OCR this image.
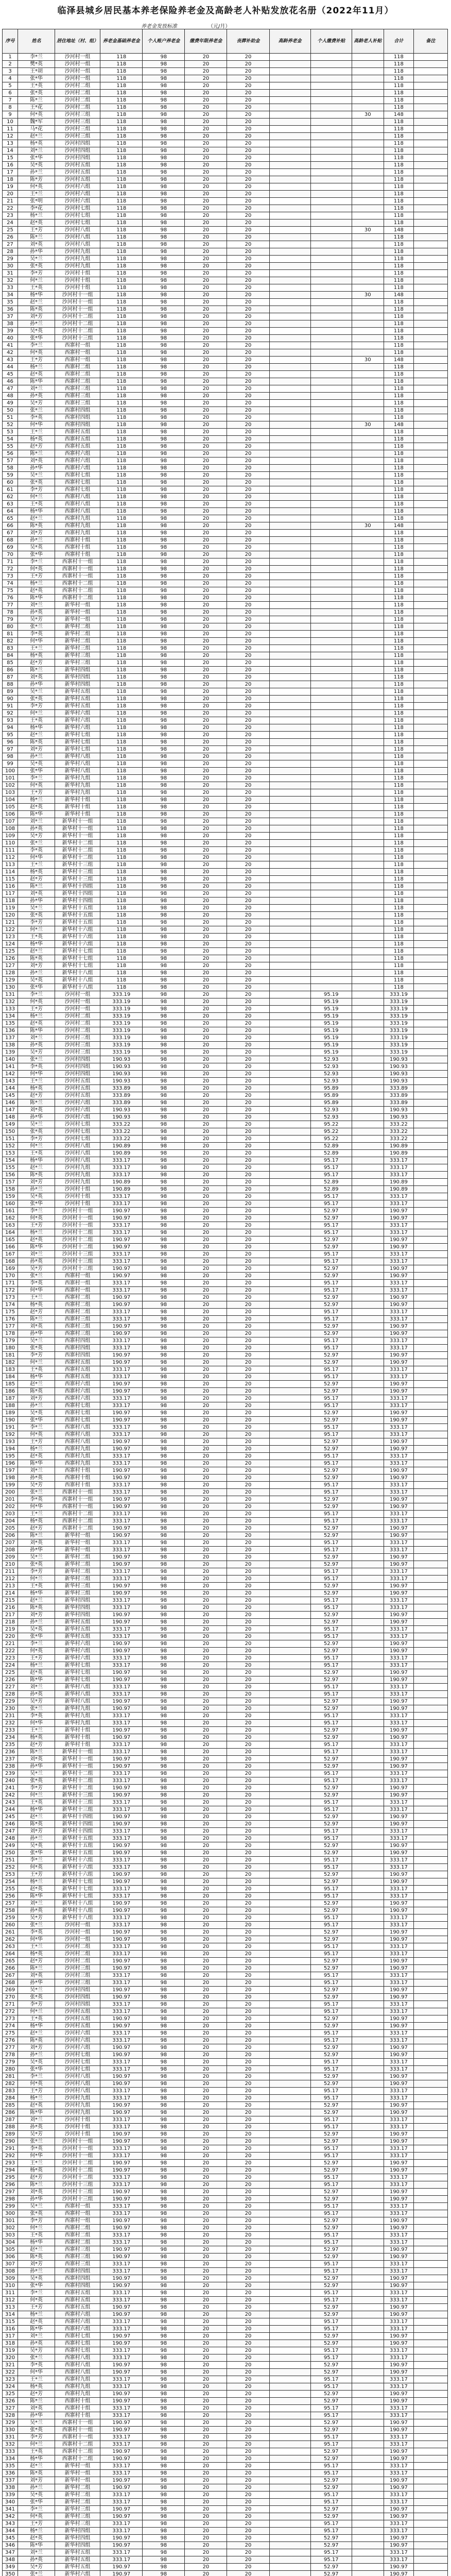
临泽县城乡居民基本养老保险养老金及高龄老人补贴发放花名册（2022年11月）
养老金发放标准	（元/月）
序号	姓名	居住地址（村、组）	养老金基础养老金	个人账户养老金	缴费年限养老金	丧葬补助金	高龄养老金	个人缴费补贴	高龄老人补贴	合计	备注
1	李*兰	沙河村一组	118	98	20	20				118	
2	樊*英	沙河村一组	118	98	20	20				118	
3	王*胡	沙河村一组	118	98	20	20				118	
4	张*华	沙河村一组	118	98	20	20				118	
5	王*英	沙河村二组	118	98	20	20				118	
6	张*英	沙河村二组	118	98	20	20				118	
7	陈*兰	沙河村二组	118	98	20	20				118	
8	王*花	沙河村二组	118	98	20	20				118	
9	何*英	沙河村三组	118	98	20	20			30	148	
10	魏*军	沙河村三组	118	98	20	20				118	
11	马*花	沙河村三组	118	98	20	20				118	
12	赵*兰	沙河村三组	118	98	20	20				118	
13	杨*英	沙河村四组	118	98	20	20				118	
14	刘*兰	沙河村四组	118	98	20	20				118	
15	张*华	沙河村四组	118	98	20	20				118	
16	吴*英	沙河村五组	118	98	20	20				118	
17	孙*兰	沙河村五组	118	98	20	20				118	
18	陈*芳	沙河村五组	118	98	20	20				118	
19	何*英	沙河村六组	118	98	20	20				118	
20	王*兰	沙河村六组	118	98	20	20				118	
21	张*明	沙河村六组	118	98	20	20				118	
22	李*花	沙河村七组	118	98	20	20				118	
23	杨*兰	沙河村七组	118	98	20	20				118	
24	赵*英	沙河村七组	118	98	20	20				118	
25	王*芳	沙河村八组	118	98	20	20			30	148	
26	陈*兰	沙河村八组	118	98	20	20				118	
27	刘*英	沙河村八组	118	98	20	20				118	
28	孙*华	沙河村九组	118	98	20	20				118	
29	吴*兰	沙河村九组	118	98	20	20				118	
30	张*英	沙河村九组	118	98	20	20				118	
31	李*芳	沙河村十组	118	98	20	20				118	
32	何*兰	沙河村十组	118	98	20	20				118	
33	王*英	沙河村十组	118	98	20	20				118	
34	杨*华	沙河村十一组	118	98	20	20			30	148	
35	赵*兰	沙河村十一组	118	98	20	20				118	
36	陈*英	沙河村十一组	118	98	20	20				118	
37	刘*芳	沙河村十二组	118	98	20	20				118	
38	孙*兰	沙河村十二组	118	98	20	20				118	
39	吴*英	沙河村十二组	118	98	20	20				118	
40	张*华	沙河村十三组	118	98	20	20				118	
41	李*兰	西寨村一组	118	98	20	20				118	
42	何*英	西寨村一组	118	98	20	20				118	
43	王*芳	西寨村一组	118	98	20	20			30	148	
44	杨*兰	西寨村二组	118	98	20	20				118	
45	赵*英	西寨村二组	118	98	20	20				118	
46	陈*华	西寨村二组	118	98	20	20				118	
47	刘*兰	西寨村三组	118	98	20	20				118	
48	孙*英	西寨村三组	118	98	20	20				118	
49	吴*芳	西寨村三组	118	98	20	20				118	
50	张*兰	西寨村四组	118	98	20	20				118	
51	李*英	西寨村四组	118	98	20	20				118	
52	何*华	西寨村四组	118	98	20	20			30	148	
53	王*兰	西寨村五组	118	98	20	20				118	
54	杨*英	西寨村五组	118	98	20	20				118	
55	赵*芳	西寨村五组	118	98	20	20				118	
56	陈*兰	西寨村六组	118	98	20	20				118	
57	刘*英	西寨村六组	118	98	20	20				118	
58	孙*华	西寨村六组	118	98	20	20				118	
59	吴*兰	西寨村七组	118	98	20	20				118	
60	张*英	西寨村七组	118	98	20	20				118	
61	李*芳	西寨村七组	118	98	20	20				118	
62	何*兰	西寨村八组	118	98	20	20				118	
63	王*英	西寨村八组	118	98	20	20				118	
64	杨*华	西寨村八组	118	98	20	20				118	
65	赵*兰	西寨村九组	118	98	20	20				118	
66	陈*英	西寨村九组	118	98	20	20			30	148	
67	刘*芳	西寨村九组	118	98	20	20				118	
68	孙*兰	西寨村十组	118	98	20	20				118	
69	吴*英	西寨村十组	118	98	20	20				118	
70	张*华	西寨村十组	118	98	20	20				118	
71	李*兰	西寨村十一组	118	98	20	20				118	
72	何*英	西寨村十一组	118	98	20	20				118	
73	王*芳	西寨村十一组	118	98	20	20				118	
74	杨*兰	西寨村十二组	118	98	20	20				118	
75	赵*英	西寨村十二组	118	98	20	20				118	
76	陈*华	西寨村十二组	118	98	20	20				118	
77	刘*兰	新华村一组	118	98	20	20				118	
78	孙*英	新华村一组	118	98	20	20				118	
79	吴*芳	新华村一组	118	98	20	20				118	
80	张*兰	新华村二组	118	98	20	20				118	
81	李*英	新华村二组	118	98	20	20				118	
82	何*华	新华村二组	118	98	20	20				118	
83	王*兰	新华村三组	118	98	20	20				118	
84	杨*英	新华村三组	118	98	20	20				118	
85	赵*芳	新华村三组	118	98	20	20				118	
86	陈*兰	新华村四组	118	98	20	20				118	
87	刘*英	新华村四组	118	98	20	20				118	
88	孙*华	新华村四组	118	98	20	20				118	
89	吴*兰	新华村五组	118	98	20	20				118	
90	张*英	新华村五组	118	98	20	20				118	
91	李*芳	新华村五组	118	98	20	20				118	
92	何*兰	新华村六组	118	98	20	20				118	
93	王*英	新华村六组	118	98	20	20				118	
94	杨*华	新华村六组	118	98	20	20				118	
95	赵*兰	新华村七组	118	98	20	20				118	
96	陈*英	新华村七组	118	98	20	20				118	
97	刘*芳	新华村七组	118	98	20	20				118	
98	孙*兰	新华村八组	118	98	20	20				118	
99	吴*英	新华村八组	118	98	20	20				118	
100	张*华	新华村八组	118	98	20	20				118	
101	李*兰	新华村九组	118	98	20	20				118	
102	何*英	新华村九组	118	98	20	20				118	
103	王*芳	新华村九组	118	98	20	20				118	
104	杨*兰	新华村十组	118	98	20	20				118	
105	赵*英	新华村十组	118	98	20	20				118	
106	陈*华	新华村十组	118	98	20	20				118	
107	刘*兰	新华村十一组	118	98	20	20				118	
108	孙*英	新华村十一组	118	98	20	20				118	
109	吴*芳	新华村十一组	118	98	20	20				118	
110	张*兰	新华村十二组	118	98	20	20				118	
111	李*英	新华村十二组	118	98	20	20				118	
112	何*华	新华村十二组	118	98	20	20				118	
113	王*兰	新华村十三组	118	98	20	20				118	
114	杨*英	新华村十三组	118	98	20	20				118	
115	赵*芳	新华村十三组	118	98	20	20				118	
116	陈*兰	新华村十四组	118	98	20	20				118	
117	刘*英	新华村十四组	118	98	20	20				118	
118	孙*华	新华村十四组	118	98	20	20				118	
119	吴*兰	新华村十五组	118	98	20	20				118	
120	张*英	新华村十五组	118	98	20	20				118	
121	李*芳	新华村十五组	118	98	20	20				118	
122	何*兰	新华村十六组	118	98	20	20				118	
123	王*英	新华村十六组	118	98	20	20				118	
124	杨*华	新华村十六组	118	98	20	20				118	
125	赵*兰	新华村十七组	118	98	20	20				118	
126	陈*英	新华村十七组	118	98	20	20				118	
127	刘*芳	新华村十七组	118	98	20	20				118	
128	孙*兰	新华村十八组	118	98	20	20				118	
129	吴*英	新华村十八组	118	98	20	20				118	
130	张*华	新华村十八组	118	98	20	20				118	
131	李*兰	沙河村一组	333.19	98	20	20		95.19		333.19	
132	何*英	沙河村一组	333.19	98	20	20		95.19		333.19	
133	王*芳	沙河村一组	333.19	98	20	20		95.19		333.19	
134	杨*兰	沙河村二组	333.19	98	20	20		95.19		333.19	
135	赵*英	沙河村二组	333.19	98	20	20		95.19		333.19	
136	陈*华	沙河村二组	333.19	98	20	20		95.19		333.19	
137	刘*兰	沙河村三组	333.19	98	20	20		95.19		333.19	
138	孙*英	沙河村三组	333.19	98	20	20		95.19		333.19	
139	吴*芳	沙河村三组	333.19	98	20	20		95.19		333.19	
140	张*兰	沙河村四组	190.93	98	20	20		52.93		190.93	
141	李*英	沙河村四组	190.93	98	20	20		52.93		190.93	
142	何*华	沙河村四组	190.93	98	20	20		52.93		190.93	
143	王*兰	沙河村五组	190.93	98	20	20		52.93		190.93	
144	杨*英	沙河村五组	333.89	98	20	20		95.89		333.89	
145	赵*芳	沙河村五组	333.89	98	20	20		95.89		333.89	
146	陈*兰	沙河村六组	333.89	98	20	20		95.89		333.89	
147	刘*英	沙河村六组	190.93	98	20	20		52.93		190.93	
148	孙*华	沙河村六组	190.93	98	20	20		52.93		190.93	
149	吴*兰	沙河村七组	333.22	98	20	20		95.22		333.22	
150	张*英	沙河村七组	333.22	98	20	20		95.22		333.22	
151	李*芳	沙河村七组	333.22	98	20	20		95.22		333.22	
152	何*兰	沙河村八组	190.89	98	20	20		52.89		190.89	
153	王*英	沙河村八组	190.89	98	20	20		52.89		190.89	
154	杨*华	沙河村八组	333.17	98	20	20		95.17		333.17	
155	赵*兰	沙河村九组	333.17	98	20	20		95.17		333.17	
156	陈*英	沙河村九组	333.17	98	20	20		95.17		333.17	
157	刘*芳	沙河村九组	190.89	98	20	20		52.89		190.89	
158	孙*兰	沙河村十组	190.89	98	20	20		52.89		190.89	
159	吴*英	沙河村十组	333.17	98	20	20		95.17		333.17	
160	张*华	沙河村十组	333.17	98	20	20		95.17		333.17	
161	李*兰	沙河村十一组	190.97	98	20	20		52.97		190.97	
162	何*英	沙河村十一组	190.97	98	20	20		52.97		190.97	
163	王*芳	沙河村十一组	333.17	98	20	20		95.17		333.17	
164	杨*兰	沙河村十二组	333.17	98	20	20		95.17		333.17	
165	赵*英	沙河村十二组	190.97	98	20	20		52.97		190.97	
166	陈*华	沙河村十二组	190.97	98	20	20		52.97		190.97	
167	刘*兰	沙河村十三组	333.17	98	20	20		95.17		333.17	
168	孙*英	沙河村十三组	333.17	98	20	20		95.17		333.17	
169	吴*芳	沙河村十三组	190.97	98	20	20		52.97		190.97	
170	张*兰	西寨村一组	190.97	98	20	20		52.97		190.97	
171	李*英	西寨村一组	333.17	98	20	20		95.17		333.17	
172	何*华	西寨村一组	333.17	98	20	20		95.17		333.17	
173	王*兰	西寨村二组	190.97	98	20	20		52.97		190.97	
174	杨*英	西寨村二组	190.97	98	20	20		52.97		190.97	
175	赵*芳	西寨村二组	333.17	98	20	20		95.17		333.17	
176	陈*兰	西寨村三组	333.17	98	20	20		95.17		333.17	
177	刘*英	西寨村三组	190.97	98	20	20		52.97		190.97	
178	孙*华	西寨村三组	190.97	98	20	20		52.97		190.97	
179	吴*兰	西寨村四组	333.17	98	20	20		95.17		333.17	
180	张*英	西寨村四组	333.17	98	20	20		95.17		333.17	
181	李*芳	西寨村四组	190.97	98	20	20		52.97		190.97	
182	何*兰	西寨村五组	190.97	98	20	20		52.97		190.97	
183	王*英	西寨村五组	333.17	98	20	20		95.17		333.17	
184	杨*华	西寨村五组	333.17	98	20	20		95.17		333.17	
185	赵*兰	西寨村六组	190.97	98	20	20		52.97		190.97	
186	陈*英	西寨村六组	190.97	98	20	20		52.97		190.97	
187	刘*芳	西寨村六组	333.17	98	20	20		95.17		333.17	
188	孙*兰	西寨村七组	333.17	98	20	20		95.17		333.17	
189	吴*英	西寨村七组	190.97	98	20	20		52.97		190.97	
190	张*华	西寨村七组	190.97	98	20	20		52.97		190.97	
191	李*兰	西寨村八组	333.17	98	20	20		95.17		333.17	
192	何*英	西寨村八组	333.17	98	20	20		95.17		333.17	
193	王*芳	西寨村八组	190.97	98	20	20		52.97		190.97	
194	杨*兰	西寨村九组	190.97	98	20	20		52.97		190.97	
195	赵*英	西寨村九组	333.17	98	20	20		95.17		333.17	
196	陈*华	西寨村九组	333.17	98	20	20		95.17		333.17	
197	刘*兰	西寨村十组	190.97	98	20	20		52.97		190.97	
198	孙*英	西寨村十组	190.97	98	20	20		52.97		190.97	
199	吴*芳	西寨村十组	333.17	98	20	20		95.17		333.17	
200	张*兰	西寨村十一组	333.17	98	20	20		95.17		333.17	
201	李*英	西寨村十一组	190.97	98	20	20		52.97		190.97	
202	何*华	西寨村十一组	190.97	98	20	20		52.97		190.97	
203	王*兰	西寨村十二组	333.17	98	20	20		95.17		333.17	
204	杨*英	西寨村十二组	333.17	98	20	20		95.17		333.17	
205	赵*芳	西寨村十二组	190.97	98	20	20		52.97		190.97	
206	陈*兰	新华村一组	190.97	98	20	20		52.97		190.97	
207	刘*英	新华村一组	333.17	98	20	20		95.17		333.17	
208	孙*华	新华村一组	333.17	98	20	20		95.17		333.17	
209	吴*兰	新华村二组	190.97	98	20	20		52.97		190.97	
210	张*英	新华村二组	190.97	98	20	20		52.97		190.97	
211	李*芳	新华村二组	333.17	98	20	20		95.17		333.17	
212	何*兰	新华村三组	333.17	98	20	20		95.17		333.17	
213	王*英	新华村三组	190.97	98	20	20		52.97		190.97	
214	杨*华	新华村三组	190.97	98	20	20		52.97		190.97	
215	赵*兰	新华村四组	333.17	98	20	20		95.17		333.17	
216	陈*英	新华村四组	333.17	98	20	20		95.17		333.17	
217	刘*芳	新华村四组	190.97	98	20	20		52.97		190.97	
218	孙*兰	新华村五组	190.97	98	20	20		52.97		190.97	
219	吴*英	新华村五组	333.17	98	20	20		95.17		333.17	
220	张*华	新华村五组	333.17	98	20	20		95.17		333.17	
221	李*兰	新华村六组	190.97	98	20	20		52.97		190.97	
222	何*英	新华村六组	190.97	98	20	20		52.97		190.97	
223	王*芳	新华村六组	333.17	98	20	20		95.17		333.17	
224	杨*兰	新华村七组	333.17	98	20	20		95.17		333.17	
225	赵*英	新华村七组	190.97	98	20	20		52.97		190.97	
226	陈*华	新华村七组	190.97	98	20	20		52.97		190.97	
227	刘*兰	新华村八组	333.17	98	20	20		95.17		333.17	
228	孙*英	新华村八组	333.17	98	20	20		95.17		333.17	
229	吴*芳	新华村八组	190.97	98	20	20		52.97		190.97	
230	张*兰	新华村九组	190.97	98	20	20		52.97		190.97	
231	李*英	新华村九组	333.17	98	20	20		95.17		333.17	
232	何*华	新华村九组	333.17	98	20	20		95.17		333.17	
233	王*兰	新华村十组	190.97	98	20	20		52.97		190.97	
234	杨*英	新华村十组	190.97	98	20	20		52.97		190.97	
235	赵*芳	新华村十组	333.17	98	20	20		95.17		333.17	
236	陈*兰	新华村十一组	333.17	98	20	20		95.17		333.17	
237	刘*英	新华村十一组	190.97	98	20	20		52.97		190.97	
238	孙*华	新华村十一组	190.97	98	20	20		52.97		190.97	
239	吴*兰	新华村十二组	333.17	98	20	20		95.17		333.17	
240	张*英	新华村十二组	333.17	98	20	20		95.17		333.17	
241	李*芳	新华村十二组	190.97	98	20	20		52.97		190.97	
242	何*兰	新华村十三组	190.97	98	20	20		52.97		190.97	
243	王*英	新华村十三组	333.17	98	20	20		95.17		333.17	
244	杨*华	新华村十三组	333.17	98	20	20		95.17		333.17	
245	赵*兰	新华村十四组	190.97	98	20	20		52.97		190.97	
246	陈*英	新华村十四组	190.97	98	20	20		52.97		190.97	
247	刘*芳	新华村十四组	333.17	98	20	20		95.17		333.17	
248	孙*兰	新华村十五组	333.17	98	20	20		95.17		333.17	
249	吴*英	新华村十五组	190.97	98	20	20		52.97		190.97	
250	张*华	新华村十五组	190.97	98	20	20		52.97		190.97	
251	李*兰	新华村十六组	333.17	98	20	20		95.17		333.17	
252	何*英	新华村十六组	333.17	98	20	20		95.17		333.17	
253	王*芳	新华村十六组	190.97	98	20	20		52.97		190.97	
254	杨*兰	新华村十七组	190.97	98	20	20		52.97		190.97	
255	赵*英	新华村十七组	333.17	98	20	20		95.17		333.17	
256	陈*华	新华村十七组	333.17	98	20	20		95.17		333.17	
257	刘*兰	新华村十八组	190.97	98	20	20		52.97		190.97	
258	孙*英	新华村十八组	190.97	98	20	20		52.97		190.97	
259	吴*芳	新华村十八组	333.17	98	20	20		95.17		333.17	
260	张*兰	沙河村一组	333.17	98	20	20		95.17		333.17	
261	李*英	沙河村一组	190.97	98	20	20		52.97		190.97	
262	何*华	沙河村一组	190.97	98	20	20		52.97		190.97	
263	王*兰	沙河村二组	333.17	98	20	20		95.17		333.17	
264	杨*英	沙河村二组	333.17	98	20	20		95.17		333.17	
265	赵*芳	沙河村二组	190.97	98	20	20		52.97		190.97	
266	陈*兰	沙河村三组	190.97	98	20	20		52.97		190.97	
267	刘*英	沙河村三组	333.17	98	20	20		95.17		333.17	
268	孙*华	沙河村三组	333.17	98	20	20		95.17		333.17	
269	吴*兰	沙河村四组	190.97	98	20	20		52.97		190.97	
270	张*英	沙河村四组	190.97	98	20	20		52.97		190.97	
271	李*芳	沙河村四组	333.17	98	20	20		95.17		333.17	
272	何*兰	沙河村五组	333.17	98	20	20		95.17		333.17	
273	王*英	沙河村五组	190.97	98	20	20		52.97		190.97	
274	杨*华	沙河村五组	190.97	98	20	20		52.97		190.97	
275	赵*兰	沙河村六组	333.17	98	20	20		95.17		333.17	
276	陈*英	沙河村六组	333.17	98	20	20		95.17		333.17	
277	刘*芳	沙河村六组	190.97	98	20	20		52.97		190.97	
278	孙*兰	沙河村七组	190.97	98	20	20		52.97		190.97	
279	吴*英	沙河村七组	333.17	98	20	20		95.17		333.17	
280	张*华	沙河村七组	333.17	98	20	20		95.17		333.17	
281	李*兰	沙河村八组	190.97	98	20	20		52.97		190.97	
282	何*英	沙河村八组	190.97	98	20	20		52.97		190.97	
283	王*芳	沙河村八组	333.17	98	20	20		95.17		333.17	
284	杨*兰	沙河村九组	333.17	98	20	20		95.17		333.17	
285	赵*英	沙河村九组	190.97	98	20	20		52.97		190.97	
286	陈*华	沙河村九组	190.97	98	20	20		52.97		190.97	
287	刘*兰	沙河村十组	333.17	98	20	20		95.17		333.17	
288	孙*英	沙河村十组	333.17	98	20	20		95.17		333.17	
289	吴*芳	沙河村十组	190.97	98	20	20		52.97		190.97	
290	张*兰	沙河村十一组	190.97	98	20	20		52.97		190.97	
291	李*英	沙河村十一组	333.17	98	20	20		95.17		333.17	
292	何*华	沙河村十一组	333.17	98	20	20		95.17		333.17	
293	王*兰	沙河村十二组	190.97	98	20	20		52.97		190.97	
294	杨*英	沙河村十二组	190.97	98	20	20		52.97		190.97	
295	赵*芳	沙河村十二组	333.17	98	20	20		95.17		333.17	
296	陈*兰	沙河村十三组	333.17	98	20	20		95.17		333.17	
297	刘*英	沙河村十三组	190.97	98	20	20		52.97		190.97	
298	孙*华	沙河村十三组	190.97	98	20	20		52.97		190.97	
299	吴*兰	西寨村一组	333.17	98	20	20		95.17		333.17	
300	张*英	西寨村一组	333.17	98	20	20		95.17		333.17	
301	李*芳	西寨村一组	190.97	98	20	20		52.97		190.97	
302	何*兰	西寨村二组	190.97	98	20	20		52.97		190.97	
303	王*英	西寨村二组	333.17	98	20	20		95.17		333.17	
304	杨*华	西寨村二组	333.17	98	20	20		95.17		333.17	
305	赵*兰	西寨村三组	190.97	98	20	20		52.97		190.97	
306	陈*英	西寨村三组	190.97	98	20	20		52.97		190.97	
307	刘*芳	西寨村三组	333.17	98	20	20		95.17		333.17	
308	孙*兰	西寨村四组	333.17	98	20	20		95.17		333.17	
309	吴*英	西寨村四组	190.97	98	20	20		52.97		190.97	
310	张*华	西寨村四组	190.97	98	20	20		52.97		190.97	
311	李*兰	西寨村五组	333.17	98	20	20		95.17		333.17	
312	何*英	西寨村五组	333.17	98	20	20		95.17		333.17	
313	王*芳	西寨村五组	190.97	98	20	20		52.97		190.97	
314	杨*兰	西寨村六组	190.97	98	20	20		52.97		190.97	
315	赵*英	西寨村六组	333.17	98	20	20		95.17		333.17	
316	陈*华	西寨村六组	333.17	98	20	20		95.17		333.17	
317	刘*兰	西寨村七组	190.97	98	20	20		52.97		190.97	
318	孙*英	西寨村七组	190.97	98	20	20		52.97		190.97	
319	吴*芳	西寨村七组	333.17	98	20	20		95.17		333.17	
320	张*兰	西寨村八组	333.17	98	20	20		95.17		333.17	
321	李*英	西寨村八组	190.97	98	20	20		52.97		190.97	
322	何*华	西寨村八组	190.97	98	20	20		52.97		190.97	
323	王*兰	西寨村九组	333.17	98	20	20		95.17		333.17	
324	杨*英	西寨村九组	333.17	98	20	20		95.17		333.17	
325	赵*芳	西寨村九组	190.97	98	20	20		52.97		190.97	
326	陈*兰	西寨村十组	190.97	98	20	20		52.97		190.97	
327	刘*英	西寨村十组	333.17	98	20	20		95.17		333.17	
328	孙*华	西寨村十组	333.17	98	20	20		95.17		333.17	
329	吴*兰	西寨村十一组	190.97	98	20	20		52.97		190.97	
330	张*英	西寨村十一组	190.97	98	20	20		52.97		190.97	
331	李*芳	西寨村十一组	333.17	98	20	20		95.17		333.17	
332	何*兰	西寨村十二组	333.17	98	20	20		95.17		333.17	
333	王*英	西寨村十二组	190.97	98	20	20		52.97		190.97	
334	杨*华	西寨村十二组	190.97	98	20	20		52.97		190.97	
335	赵*兰	新华村一组	333.17	98	20	20		95.17		333.17	
336	陈*英	新华村一组	333.17	98	20	20		95.17		333.17	
337	刘*芳	新华村一组	190.97	98	20	20		52.97		190.97	
338	孙*兰	新华村二组	190.97	98	20	20		52.97		190.97	
339	吴*英	新华村二组	333.17	98	20	20		95.17		333.17	
340	张*华	新华村二组	333.17	98	20	20		95.17		333.17	
341	李*兰	新华村三组	190.97	98	20	20		52.97		190.97	
342	何*英	新华村三组	190.97	98	20	20		52.97		190.97	
343	王*芳	新华村三组	333.17	98	20	20		95.17		333.17	
344	杨*兰	新华村四组	333.17	98	20	20		95.17		333.17	
345	赵*英	新华村四组	190.97	98	20	20		52.97		190.97	
346	陈*华	新华村四组	190.97	98	20	20		52.97		190.97	
347	刘*兰	新华村五组	333.17	98	20	20		95.17		333.17	
348	孙*英	新华村五组	333.17	98	20	20		95.17		333.17	
349	吴*芳	新华村五组	190.97	98	20	20		52.97		190.97	
350	张*兰	新华村六组	190.97	98	20	20		52.97		190.97	
